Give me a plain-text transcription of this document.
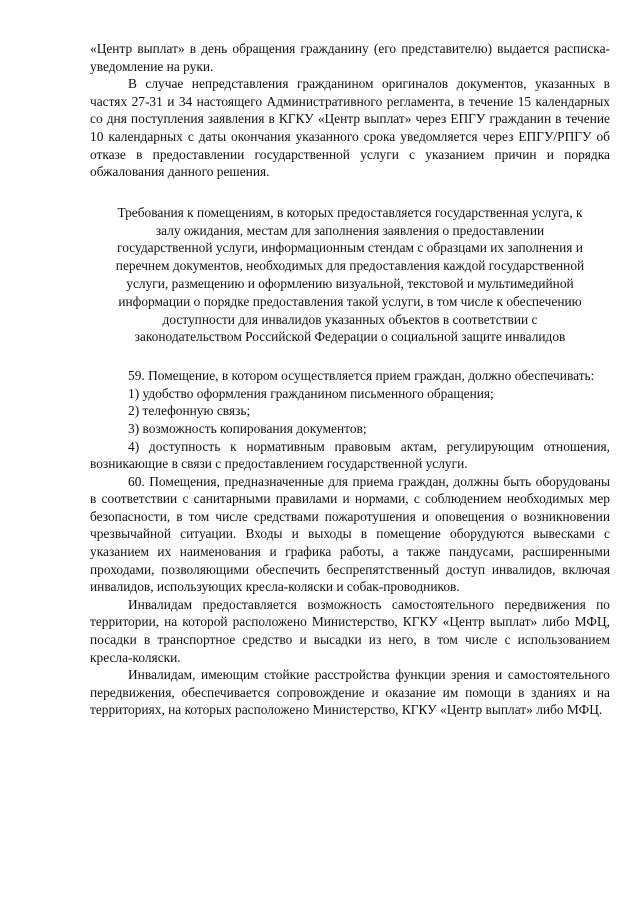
«Центр выплат» в день обращения гражданину (его представителю) выдается расписка-уведомление на руки.

В случае непредставления гражданином оригиналов документов, указанных в частях 27-31 и 34 настоящего Административного регламента, в течение 15 календарных со дня поступления заявления в КГКУ «Центр выплат» через ЕПГУ гражданин в течение 10 календарных с даты окончания указанного срока уведомляется через ЕПГУ/РПГУ об отказе в предоставлении государственной услуги с указанием причин и порядка обжалования данного решения.

Требования к помещениям, в которых предоставляется государственная услуга, к залу ожидания, местам для заполнения заявления о предоставлении государственной услуги, информационным стендам с образцами их заполнения и перечнем документов, необходимых для предоставления каждой государственной услуги, размещению и оформлению визуальной, текстовой и мультимедийной информации о порядке предоставления такой услуги, в том числе к обеспечению доступности для инвалидов указанных объектов в соответствии с законодательством Российской Федерации о социальной защите инвалидов

59. Помещение, в котором осуществляется прием граждан, должно обеспечивать:

1) удобство оформления гражданином письменного обращения;

2) телефонную связь;

3) возможность копирования документов;

4) доступность к нормативным правовым актам, регулирующим отношения, возникающие в связи с предоставлением государственной услуги.

60. Помещения, предназначенные для приема граждан, должны быть оборудованы в соответствии с санитарными правилами и нормами, с соблюдением необходимых мер безопасности, в том числе средствами пожаротушения и оповещения о возникновении чрезвычайной ситуации. Входы и выходы в помещение оборудуются вывесками с указанием их наименования и графика работы, а также пандусами, расширенными проходами, позволяющими обеспечить беспрепятственный доступ инвалидов, включая инвалидов, использующих кресла-коляски и собак-проводников.

Инвалидам предоставляется возможность самостоятельного передвижения по территории, на которой расположено Министерство, КГКУ «Центр выплат» либо МФЦ, посадки в транспортное средство и высадки из него, в том числе с использованием кресла-коляски.

Инвалидам, имеющим стойкие расстройства функции зрения и самостоятельного передвижения, обеспечивается сопровождение и оказание им помощи в зданиях и на территориях, на которых расположено Министерство, КГКУ «Центр выплат» либо МФЦ.
